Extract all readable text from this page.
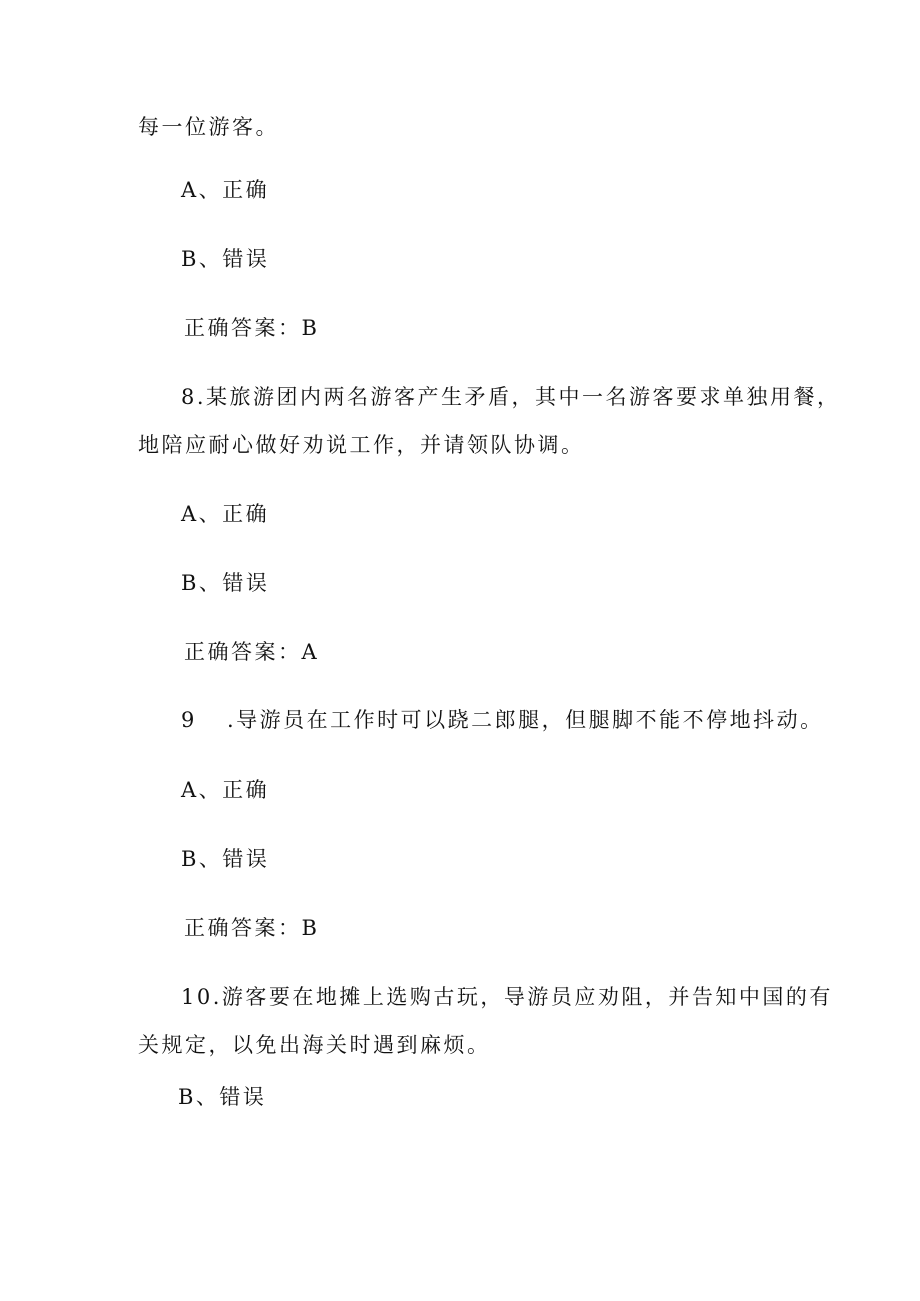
每一位游客。
A、正确
B、错误
正确答案：B
8.某旅游团内两名游客产生矛盾，其中一名游客要求单独用餐，
地陪应耐心做好劝说工作，并请领队协调。
A、正确
B、错误
正确答案：A
9 .导游员在工作时可以跷二郎腿，但腿脚不能不停地抖动。
A、正确
B、错误
正确答案：B
10.游客要在地摊上选购古玩，导游员应劝阻，并告知中国的有
关规定，以免出海关时遇到麻烦。
B、错误
